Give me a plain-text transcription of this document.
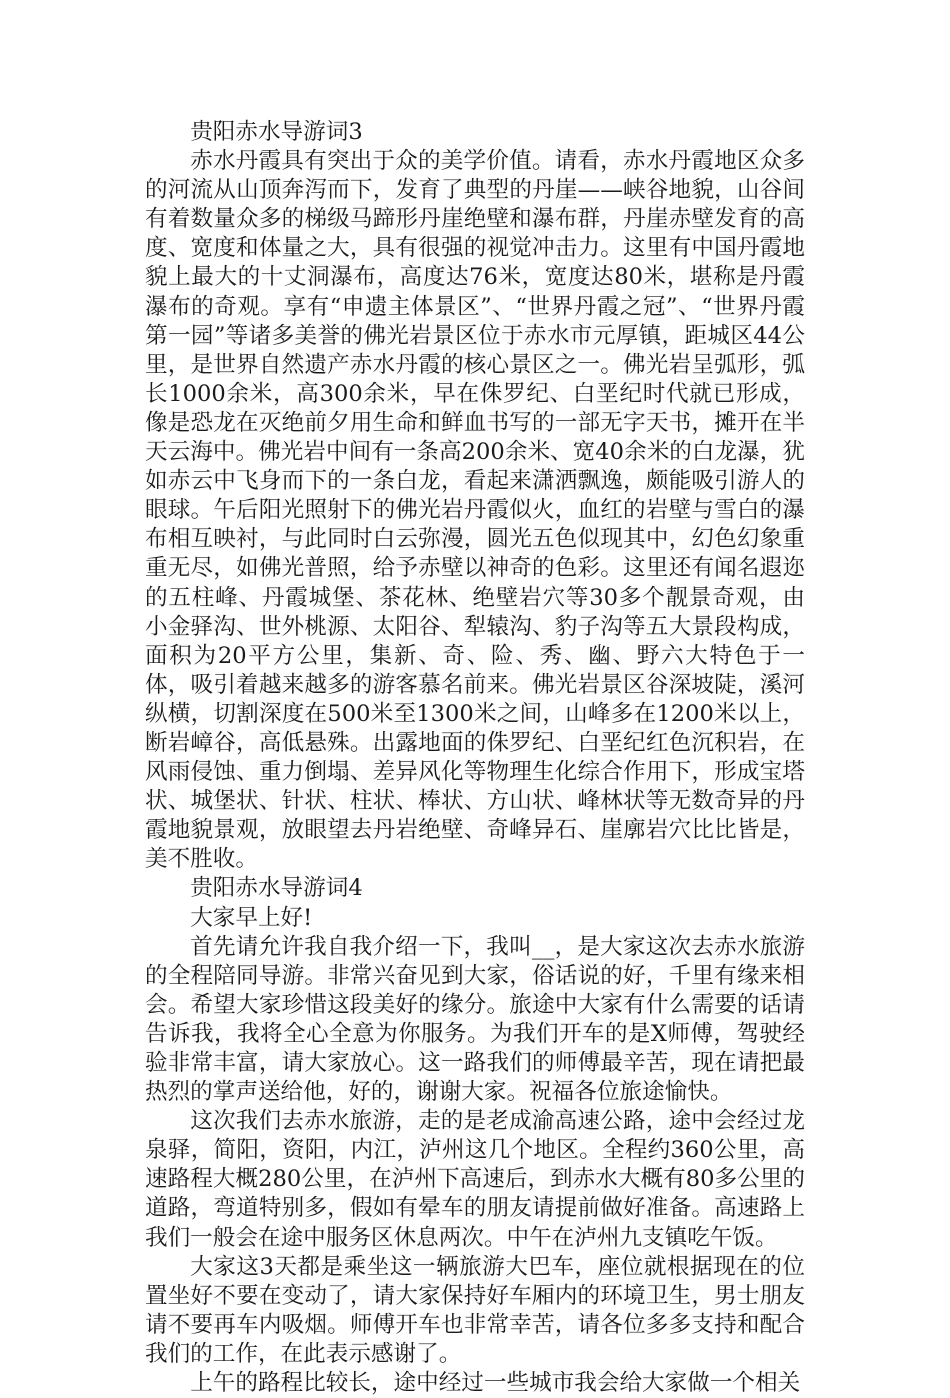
贵阳赤水导游词3

赤水丹霞具有突出于众的美学价值。请看，赤水丹霞地区众多的河流从山顶奔泻而下，发育了典型的丹崖——峡谷地貌，山谷间有着数量众多的梯级马蹄形丹崖绝壁和瀑布群，丹崖赤壁发育的高度、宽度和体量之大，具有很强的视觉冲击力。这里有中国丹霞地貌上最大的十丈洞瀑布，高度达76米，宽度达80米，堪称是丹霞瀑布的奇观。享有“申遗主体景区”、“世界丹霞之冠”、“世界丹霞第一园”等诸多美誉的佛光岩景区位于赤水市元厚镇，距城区44公里，是世界自然遗产赤水丹霞的核心景区之一。佛光岩呈弧形，弧长1000余米，高300余米，早在侏罗纪、白垩纪时代就已形成，像是恐龙在灭绝前夕用生命和鲜血书写的一部无字天书，摊开在半天云海中。佛光岩中间有一条高200余米、宽40余米的白龙瀑，犹如赤云中飞身而下的一条白龙，看起来潇洒飘逸，颇能吸引游人的眼球。午后阳光照射下的佛光岩丹霞似火，血红的岩壁与雪白的瀑布相互映衬，与此同时白云弥漫，圆光五色似现其中，幻色幻象重重无尽，如佛光普照，给予赤壁以神奇的色彩。这里还有闻名遐迩的五柱峰、丹霞城堡、茶花林、绝壁岩穴等30多个靓景奇观，由小金驿沟、世外桃源、太阳谷、犁辕沟、豹子沟等五大景段构成，面积为20平方公里，集新、奇、险、秀、幽、野六大特色于一体，吸引着越来越多的游客慕名前来。佛光岩景区谷深坡陡，溪河纵横，切割深度在500米至1300米之间，山峰多在1200米以上，断岩嶂谷，高低悬殊。出露地面的侏罗纪、白垩纪红色沉积岩，在风雨侵蚀、重力倒塌、差异风化等物理生化综合作用下，形成宝塔状、城堡状、针状、柱状、棒状、方山状、峰林状等无数奇异的丹霞地貌景观，放眼望去丹岩绝壁、奇峰异石、崖廓岩穴比比皆是，美不胜收。

贵阳赤水导游词4

大家早上好!

首先请允许我自我介绍一下，我叫__，是大家这次去赤水旅游的全程陪同导游。非常兴奋见到大家，俗话说的好，千里有缘来相会。希望大家珍惜这段美好的缘分。旅途中大家有什么需要的话请告诉我，我将全心全意为你服务。为我们开车的是X师傅，驾驶经验非常丰富，请大家放心。这一路我们的师傅最辛苦，现在请把最热烈的掌声送给他，好的，谢谢大家。祝福各位旅途愉快。

这次我们去赤水旅游，走的是老成渝高速公路，途中会经过龙泉驿，简阳，资阳，内江，泸州这几个地区。全程约360公里，高速路程大概280公里，在泸州下高速后，到赤水大概有80多公里的道路，弯道特别多，假如有晕车的朋友请提前做好准备。高速路上我们一般会在途中服务区休息两次。中午在泸州九支镇吃午饭。

大家这3天都是乘坐这一辆旅游大巴车，座位就根据现在的位置坐好不要在变动了，请大家保持好车厢内的环境卫生，男士朋友请不要再车内吸烟。师傅开车也非常幸苦，请各位多多支持和配合我们的工作，在此表示感谢了。

上午的路程比较长，途中经过一些城市我会给大家做一个相关
